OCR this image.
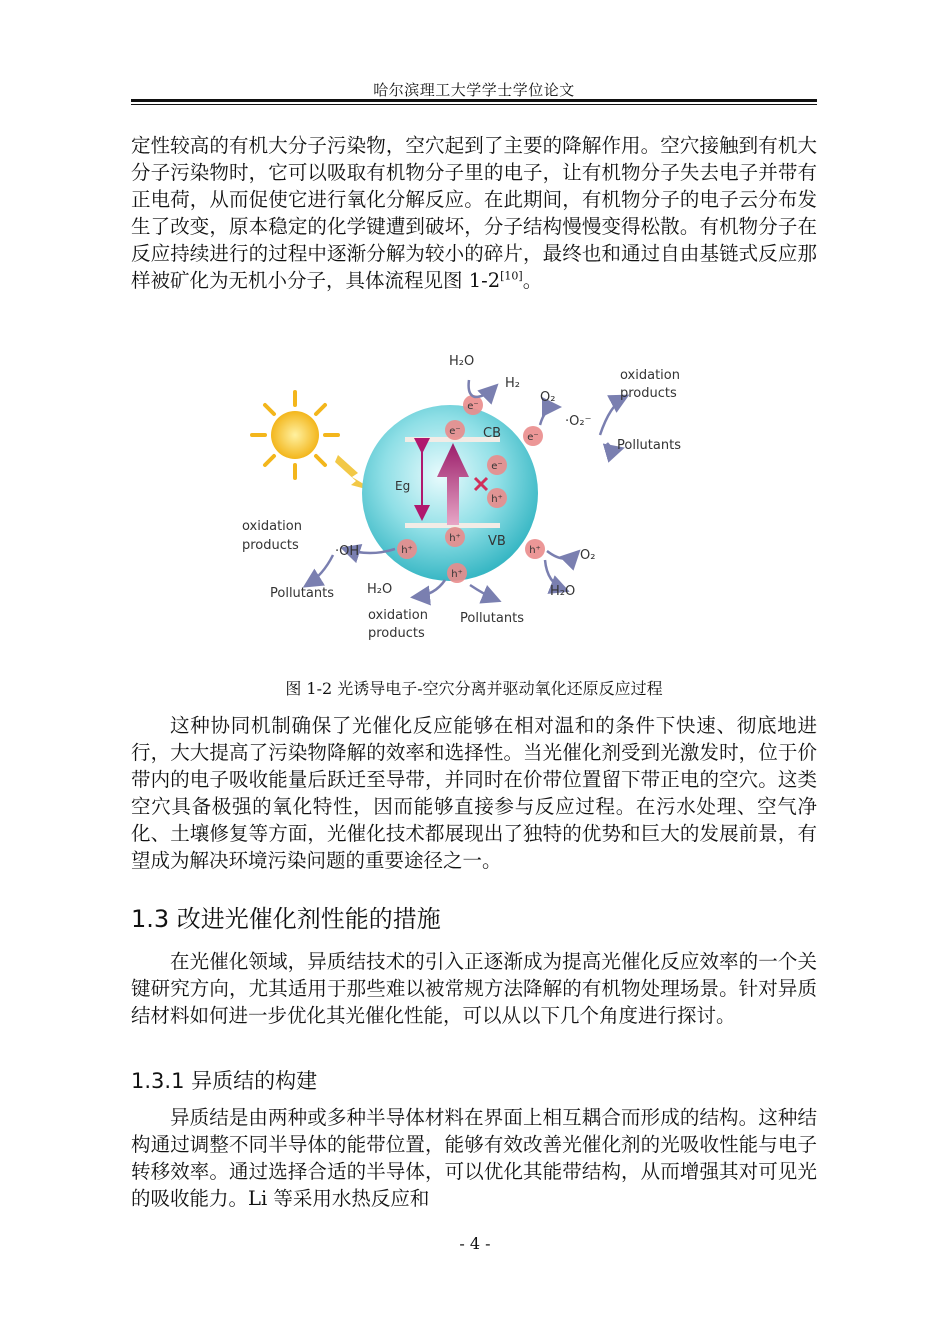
哈尔滨理工大学学士学位论文

定性较高的有机大分子污染物，空穴起到了主要的降解作用。空穴接触到有机大分子污染物时，它可以吸取有机物分子里的电子，让有机物分子失去电子并带有正电荷，从而促使它进行氧化分解反应。在此期间，有机物分子的电子云分布发生了改变，原本稳定的化学键遭到破坏，分子结构慢慢变得松散。有机物分子在反应持续进行的过程中逐渐分解为较小的碎片，最终也和通过自由基链式反应那样被矿化为无机小分子，具体流程见图 1-2[10]。

e⁻
e⁻
e⁻
e⁻
h⁺
h⁺
h⁺
h⁺
h⁺
CB
VB
Eg
H₂O
H₂
O₂
·O₂⁻
oxidation
products
Pollutants
oxidation
products	·OH
Pollutants	H₂O
oxidation
products
Pollutants
H₂O
O₂
图 1-2 光诱导电子-空穴分离并驱动氧化还原反应过程

这种协同机制确保了光催化反应能够在相对温和的条件下快速、彻底地进行，大大提高了污染物降解的效率和选择性。当光催化剂受到光激发时，位于价带内的电子吸收能量后跃迁至导带，并同时在价带位置留下带正电的空穴。这类空穴具备极强的氧化特性，因而能够直接参与反应过程。在污水处理、空气净化、土壤修复等方面，光催化技术都展现出了独特的优势和巨大的发展前景，有望成为解决环境污染问题的重要途径之一。

1.3 改进光催化剂性能的措施

在光催化领域，异质结技术的引入正逐渐成为提高光催化反应效率的一个关键研究方向，尤其适用于那些难以被常规方法降解的有机物处理场景。针对异质结材料如何进一步优化其光催化性能，可以从以下几个角度进行探讨。

1.3.1 异质结的构建

异质结是由两种或多种半导体材料在界面上相互耦合而形成的结构。这种结构通过调整不同半导体的能带位置，能够有效改善光催化剂的光吸收性能与电子转移效率。通过选择合适的半导体，可以优化其能带结构，从而增强其对可见光的吸收能力。Li 等采用水热反应和

- 4 -
